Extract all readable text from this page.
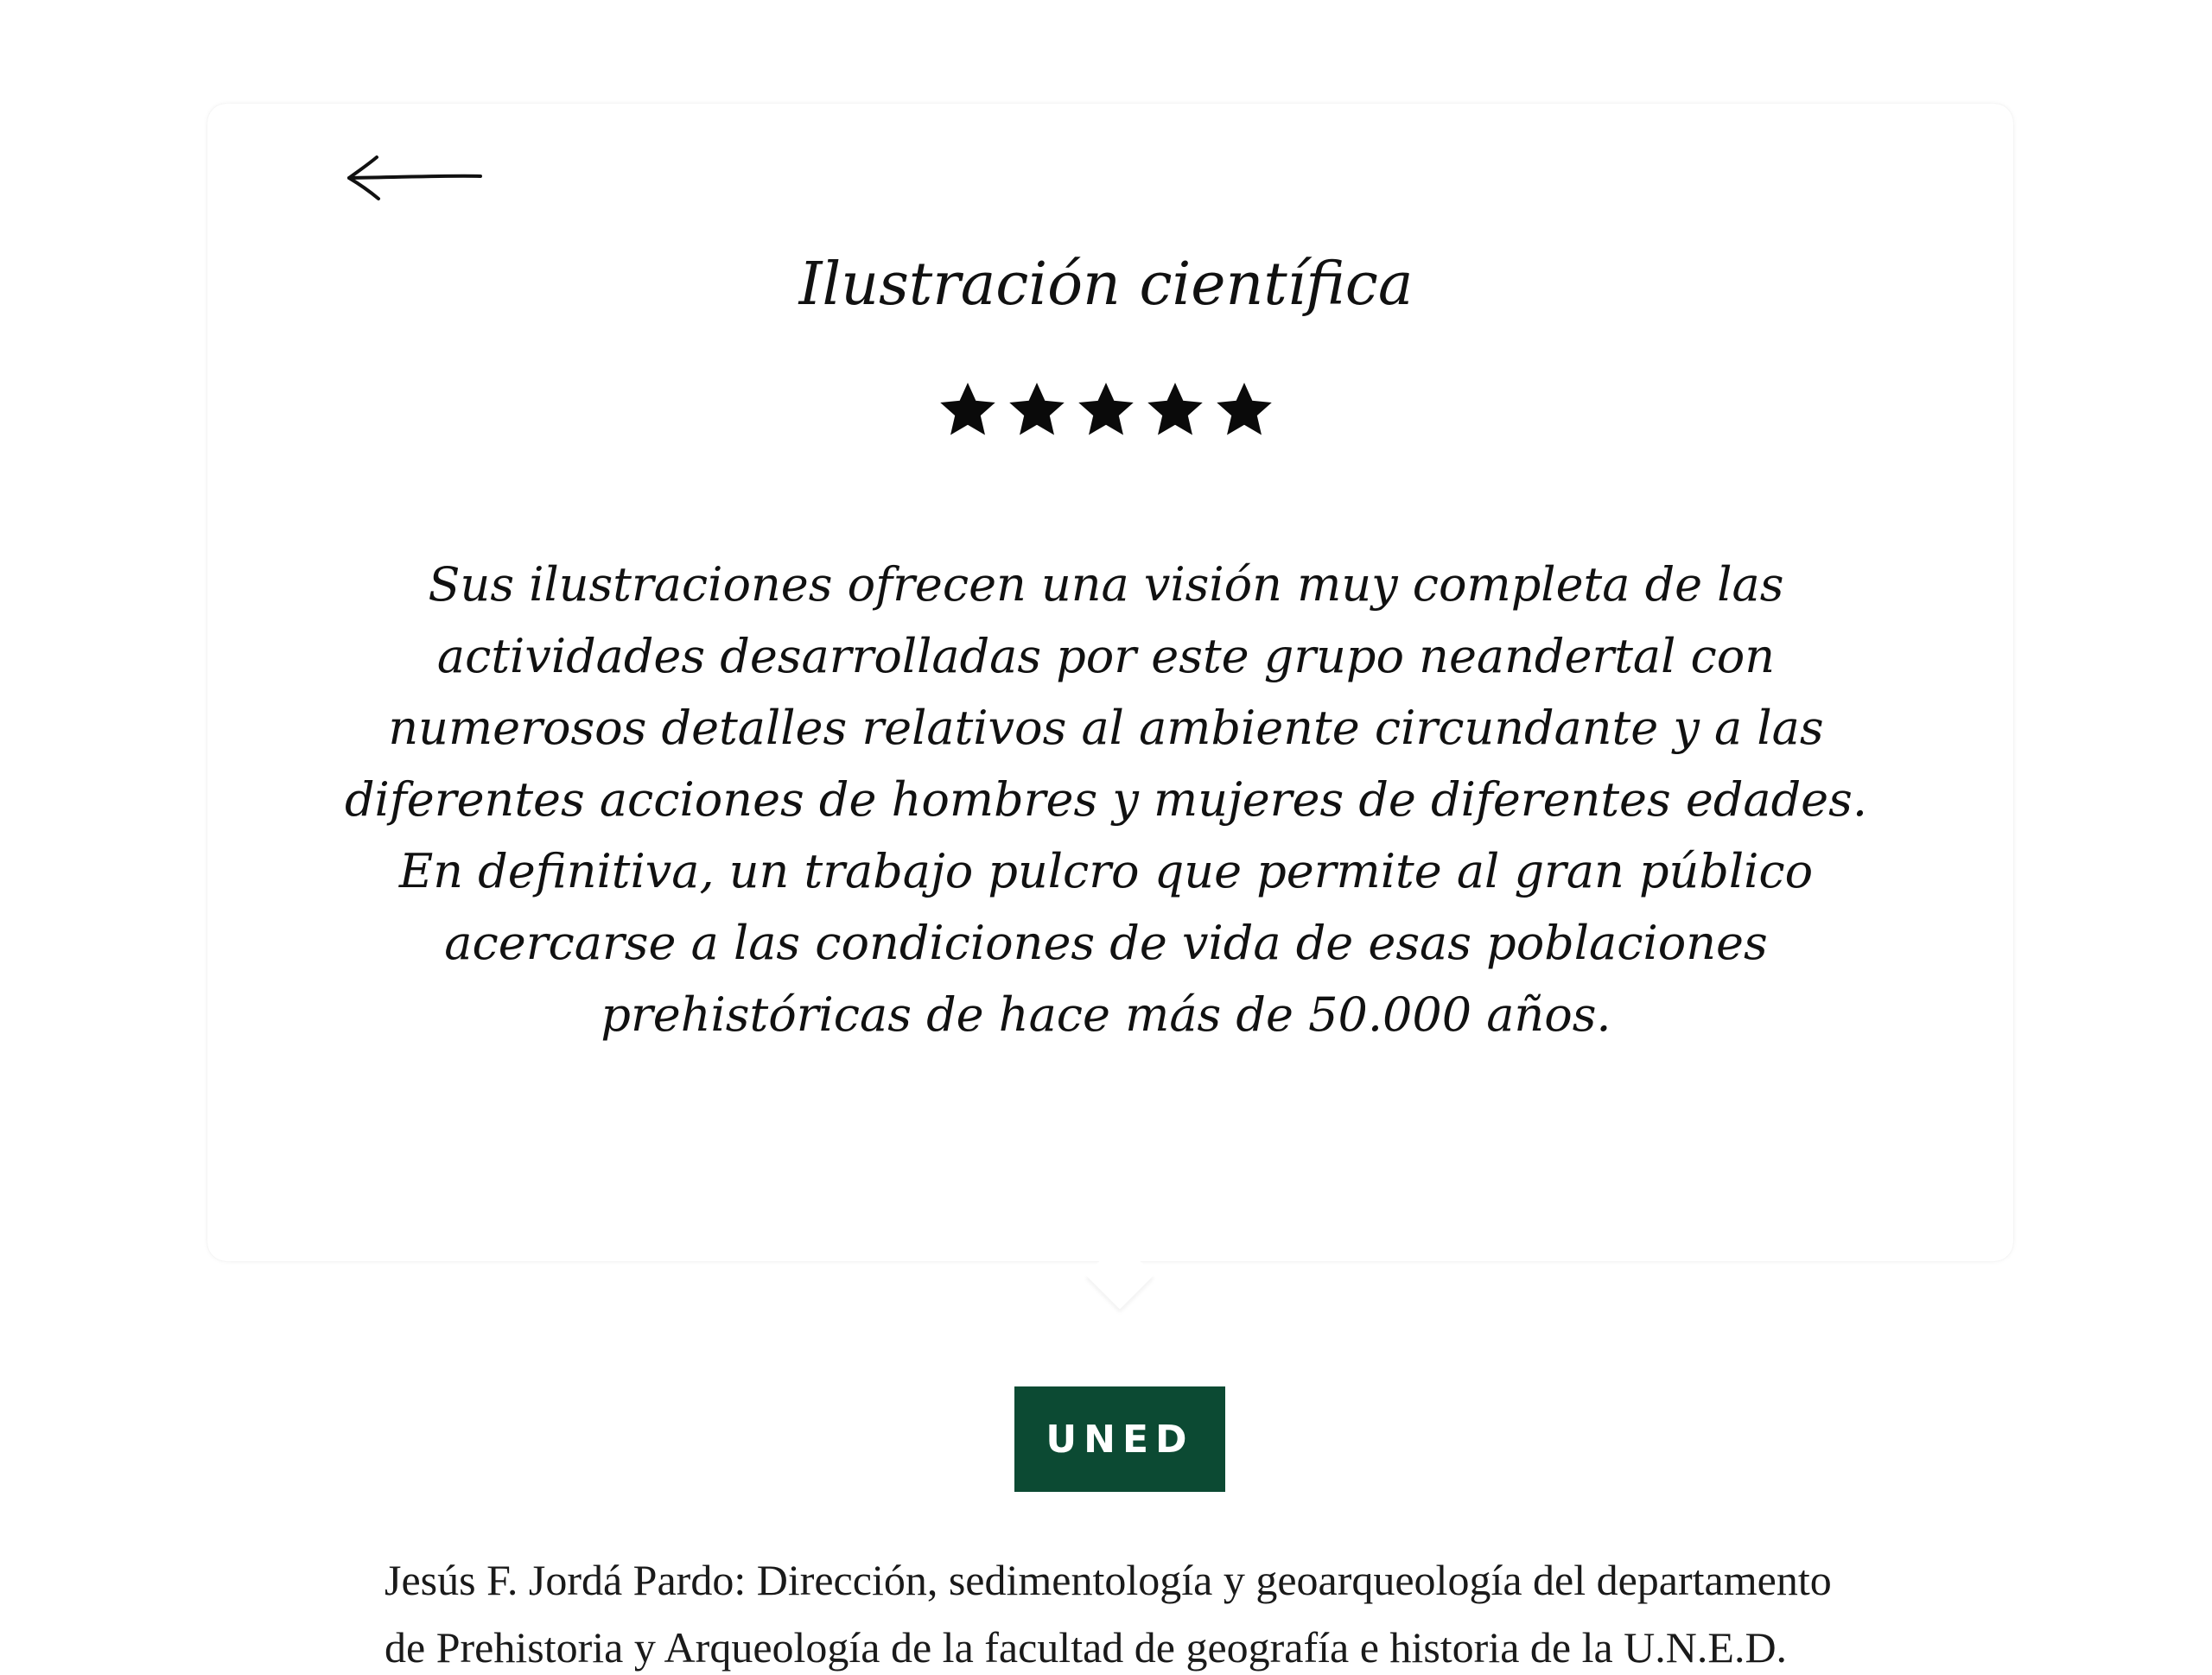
Ilustración científica

Sus ilustraciones ofrecen una visión muy completa de las actividades desarrolladas por este grupo neandertal con numerosos detalles relativos al ambiente circundante y a las diferentes acciones de hombres y mujeres de diferentes edades.

En definitiva, un trabajo pulcro que permite al gran público acercarse a las condiciones de vida de esas poblaciones prehistóricas de hace más de 50.000 años.

UNED

Jesús F. Jordá Pardo: Dirección, sedimentología y geoarqueología del departamento

de Prehistoria y Arqueología de la facultad de geografía e historia de la U.N.E.D.
